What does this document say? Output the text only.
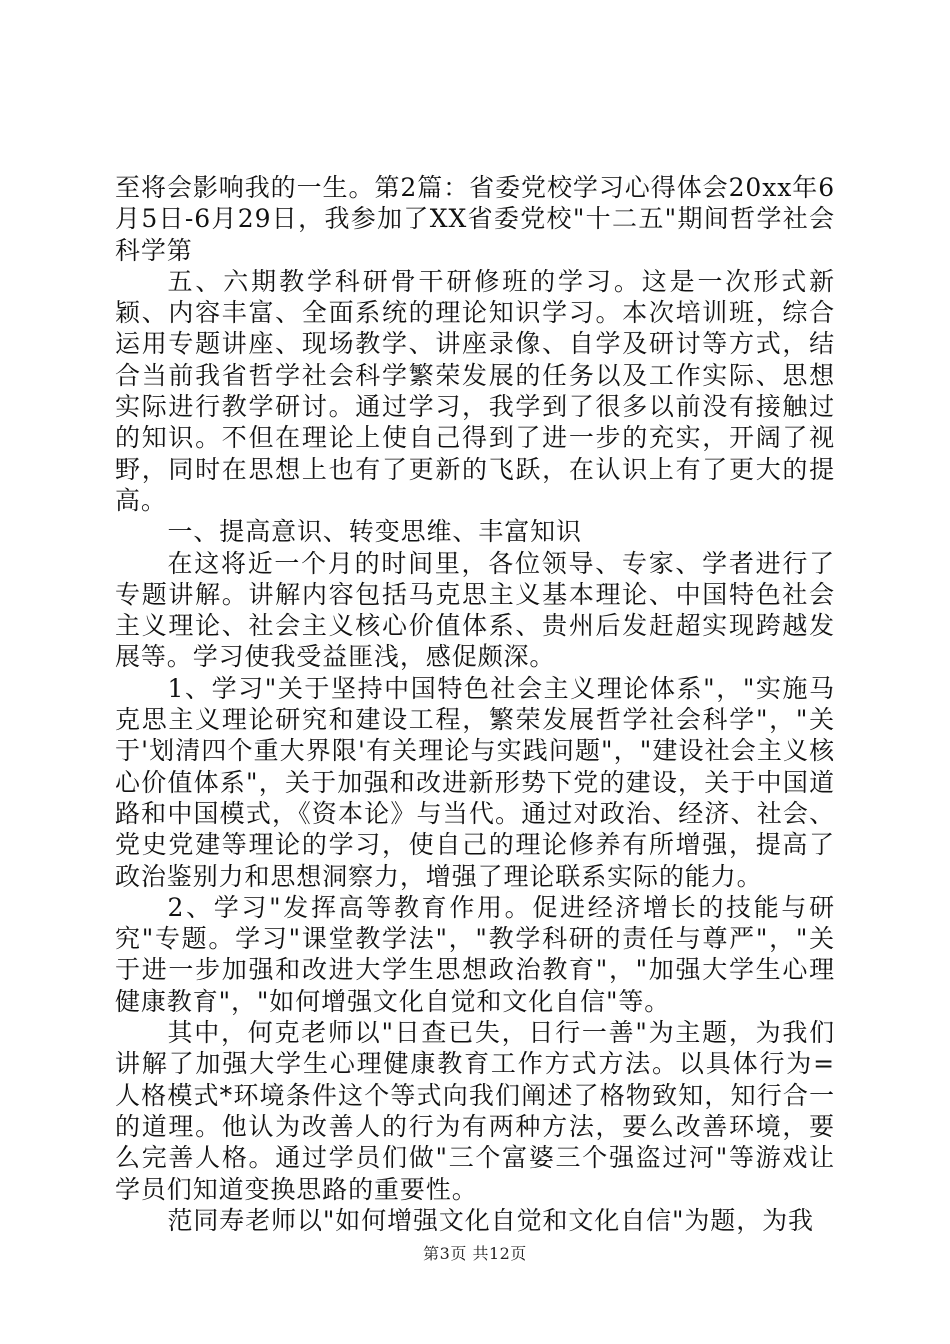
至将会影响我的一生。第2篇：省委党校学习心得体会20xx年6月5日-6月29日，我参加了XX省委党校"十二五"期间哲学社会科学第

五、六期教学科研骨干研修班的学习。这是一次形式新颖、内容丰富、全面系统的理论知识学习。本次培训班，综合运用专题讲座、现场教学、讲座录像、自学及研讨等方式，结合当前我省哲学社会科学繁荣发展的任务以及工作实际、思想实际进行教学研讨。通过学习，我学到了很多以前没有接触过的知识。不但在理论上使自己得到了进一步的充实，开阔了视野，同时在思想上也有了更新的飞跃，在认识上有了更大的提高。

一、提高意识、转变思维、丰富知识

在这将近一个月的时间里，各位领导、专家、学者进行了专题讲解。讲解内容包括马克思主义基本理论、中国特色社会主义理论、社会主义核心价值体系、贵州后发赶超实现跨越发展等。学习使我受益匪浅，感促颇深。

1、学习"关于坚持中国特色社会主义理论体系"，"实施马克思主义理论研究和建设工程，繁荣发展哲学社会科学"，"关于'划清四个重大界限'有关理论与实践问题"，"建设社会主义核心价值体系"，关于加强和改进新形势下党的建设，关于中国道路和中国模式，《资本论》与当代。通过对政治、经济、社会、党史党建等理论的学习，使自己的理论修养有所增强，提高了政治鉴别力和思想洞察力，增强了理论联系实际的能力。

2、学习"发挥高等教育作用。促进经济增长的技能与研究"专题。学习"课堂教学法"，"教学科研的责任与尊严"，"关于进一步加强和改进大学生思想政治教育"，"加强大学生心理健康教育"，"如何增强文化自觉和文化自信"等。

其中，何克老师以"日查已失，日行一善"为主题，为我们讲解了加强大学生心理健康教育工作方式方法。以具体行为=人格模式*环境条件这个等式向我们阐述了格物致知，知行合一的道理。他认为改善人的行为有两种方法，要么改善环境，要么完善人格。通过学员们做"三个富婆三个强盗过河"等游戏让学员们知道变换思路的重要性。

范同寿老师以"如何增强文化自觉和文化自信"为题，为我

第3页 共12页
